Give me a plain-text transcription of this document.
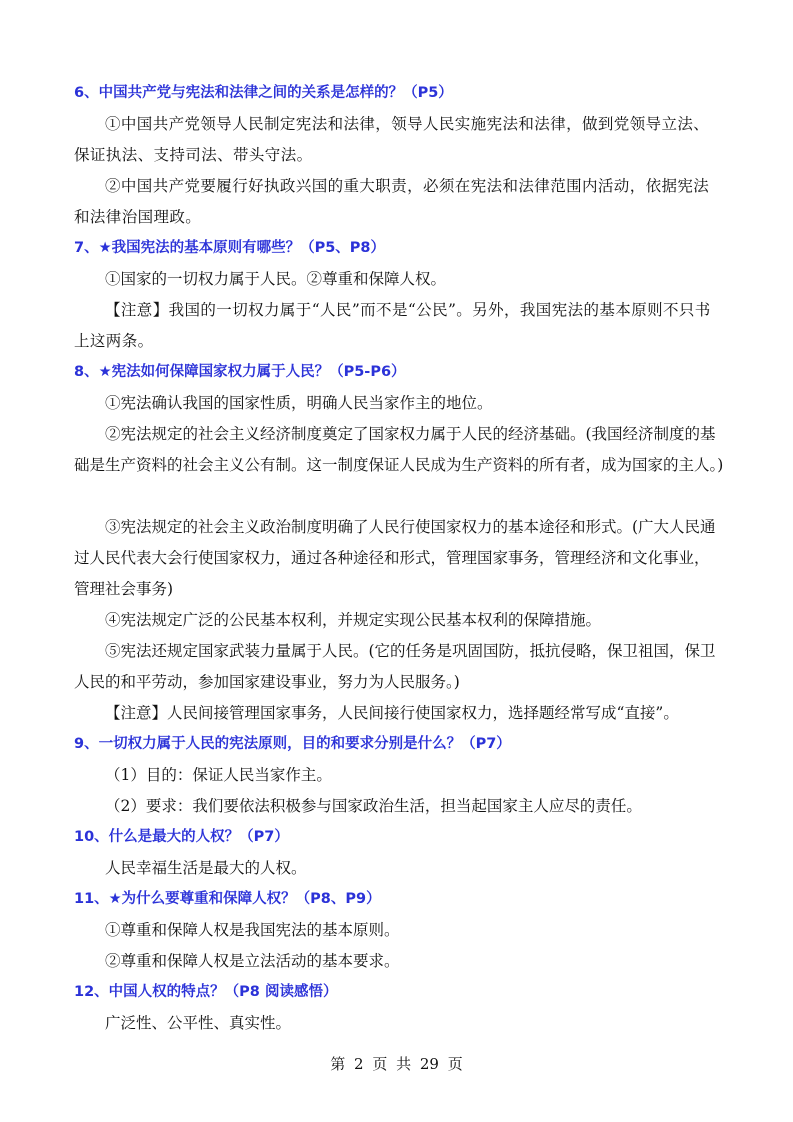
6、中国共产党与宪法和法律之间的关系是怎样的？（P5）

①中国共产党领导人民制定宪法和法律，领导人民实施宪法和法律，做到党领导立法、保证执法、支持司法、带头守法。

②中国共产党要履行好执政兴国的重大职责，必须在宪法和法律范围内活动，依据宪法和法律治国理政。

7、★我国宪法的基本原则有哪些？（P5、P8）

①国家的一切权力属于人民。②尊重和保障人权。

【注意】我国的一切权力属于“人民”而不是“公民”。另外，我国宪法的基本原则不只书上这两条。

8、★宪法如何保障国家权力属于人民？（P5-P6）

①宪法确认我国的国家性质，明确人民当家作主的地位。

②宪法规定的社会主义经济制度奠定了国家权力属于人民的经济基础。(我国经济制度的基础是生产资料的社会主义公有制。这一制度保证人民成为生产资料的所有者，成为国家的主人。)

③宪法规定的社会主义政治制度明确了人民行使国家权力的基本途径和形式。(广大人民通过人民代表大会行使国家权力，通过各种途径和形式，管理国家事务，管理经济和文化事业，管理社会事务)

④宪法规定广泛的公民基本权利，并规定实现公民基本权利的保障措施。

⑤宪法还规定国家武装力量属于人民。(它的任务是巩固国防，抵抗侵略，保卫祖国，保卫人民的和平劳动，参加国家建设事业，努力为人民服务。)

【注意】人民间接管理国家事务，人民间接行使国家权力，选择题经常写成“直接”。

9、一切权力属于人民的宪法原则，目的和要求分别是什么？（P7）

（1）目的：保证人民当家作主。

（2）要求：我们要依法积极参与国家政治生活，担当起国家主人应尽的责任。

10、什么是最大的人权？（P7）

人民幸福生活是最大的人权。

11、★为什么要尊重和保障人权？（P8、P9）

①尊重和保障人权是我国宪法的基本原则。

②尊重和保障人权是立法活动的基本要求。

12、中国人权的特点？（P8 阅读感悟）

广泛性、公平性、真实性。

第 2 页 共 29 页
